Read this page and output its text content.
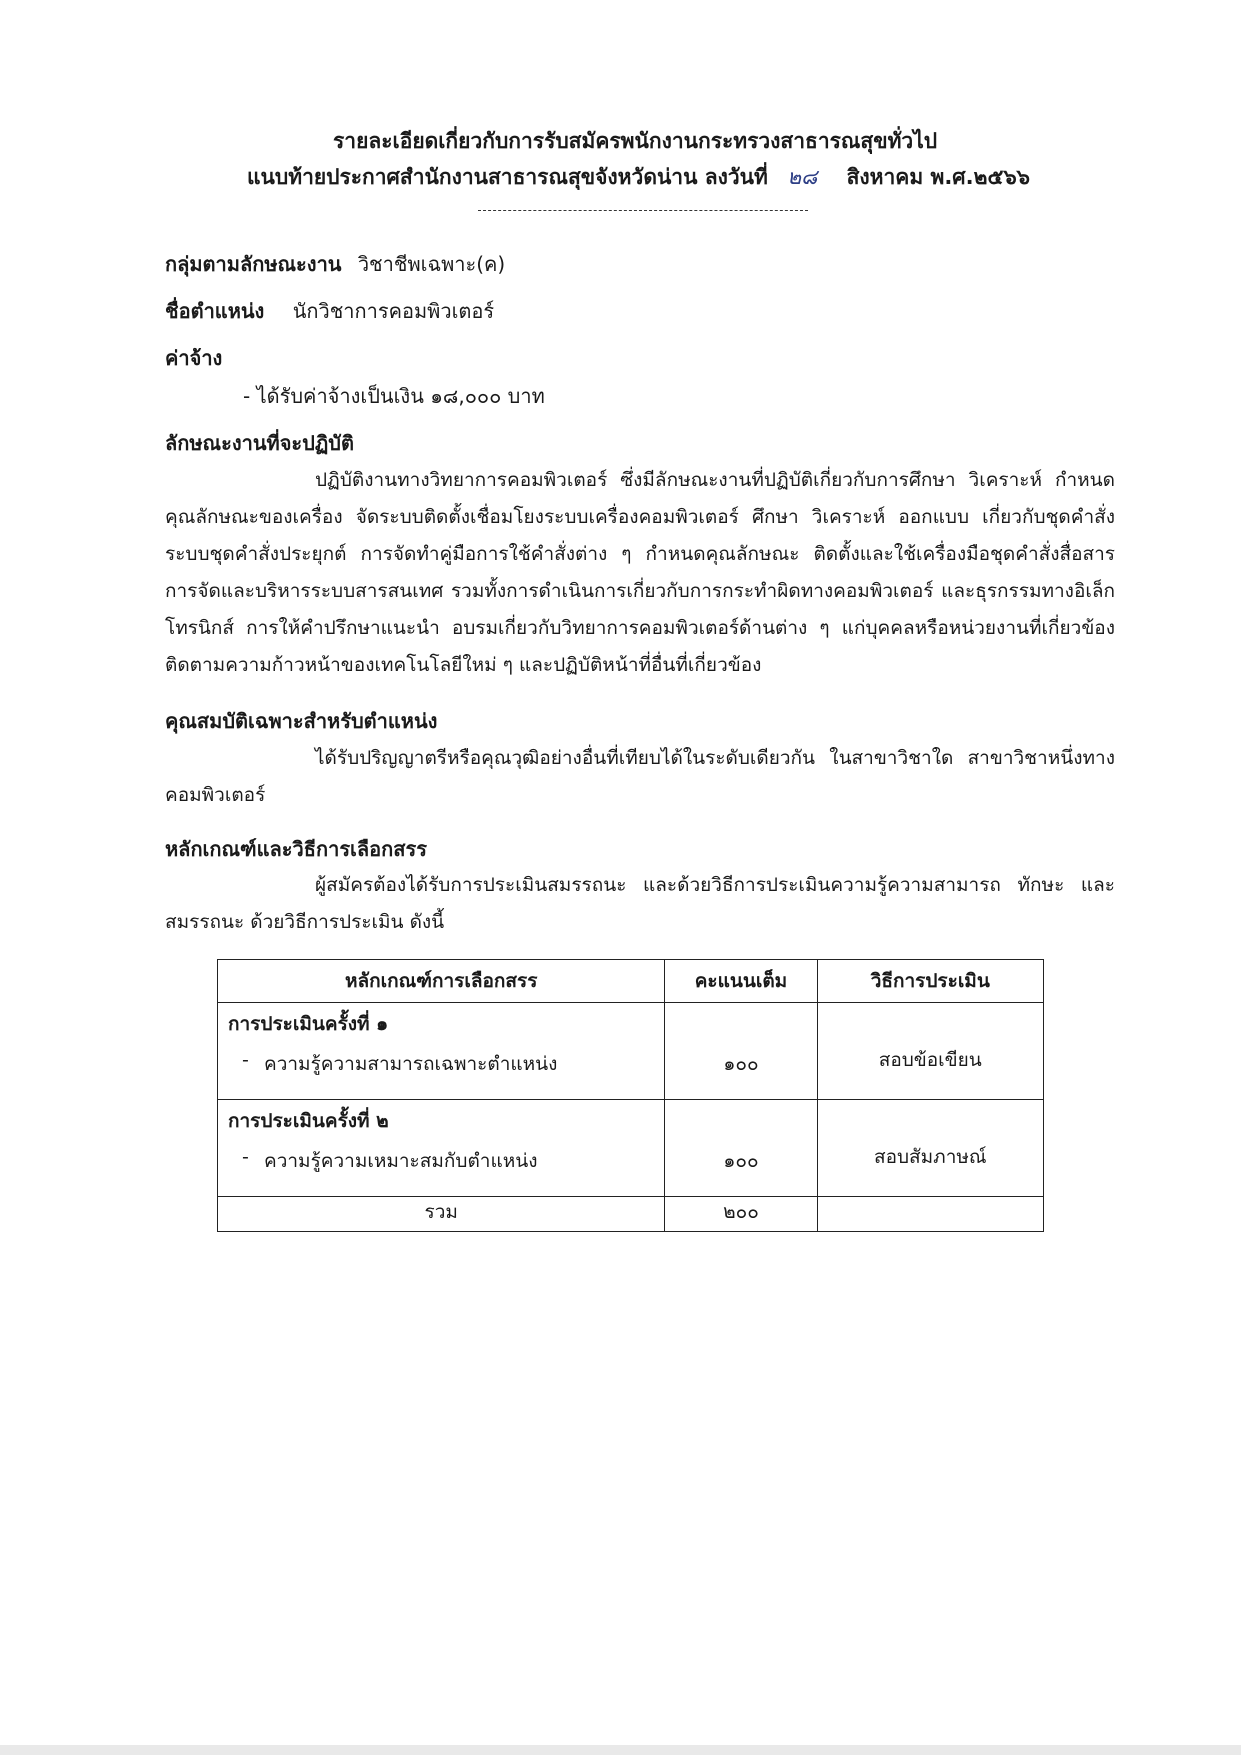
รายละเอียดเกี่ยวกับการรับสมัครพนักงานกระทรวงสาธารณสุขทั่วไป
แนบท้ายประกาศสำนักงานสาธารณสุขจังหวัดน่าน ลงวันที่ ๒๘ สิงหาคม พ.ศ.๒๕๖๖
กลุ่มตามลักษณะงาน วิชาชีพเฉพาะ(ค)
ชื่อตำแหน่ง นักวิชาการคอมพิวเตอร์
ค่าจ้าง
- ได้รับค่าจ้างเป็นเงิน ๑๘,๐๐๐ บาท
ลักษณะงานที่จะปฏิบัติ
ปฏิบัติงานทางวิทยาการคอมพิวเตอร์ ซึ่งมีลักษณะงานที่ปฏิบัติเกี่ยวกับการศึกษา วิเคราะห์ กำหนดคุณลักษณะของเครื่อง จัดระบบติดตั้งเชื่อมโยงระบบเครื่องคอมพิวเตอร์ ศึกษา วิเคราะห์ ออกแบบ เกี่ยวกับชุดคำสั่ง ระบบชุดคำสั่งประยุกต์ การจัดทำคู่มือการใช้คำสั่งต่าง ๆ กำหนดคุณลักษณะ ติดตั้งและใช้เครื่องมือชุดคำสั่งสื่อสาร การจัดและบริหารระบบสารสนเทศ รวมทั้งการดำเนินการเกี่ยวกับการกระทำผิดทางคอมพิวเตอร์ และธุรกรรมทางอิเล็กโทรนิกส์ การให้คำปรึกษาแนะนำ อบรมเกี่ยวกับวิทยาการคอมพิวเตอร์ด้านต่าง ๆ แก่บุคคลหรือหน่วยงานที่เกี่ยวข้อง ติดตามความก้าวหน้าของเทคโนโลยีใหม่ ๆ และปฏิบัติหน้าที่อื่นที่เกี่ยวข้อง
คุณสมบัติเฉพาะสำหรับตำแหน่ง
ได้รับปริญญาตรีหรือคุณวุฒิอย่างอื่นที่เทียบได้ในระดับเดียวกัน ในสาขาวิชาใด สาขาวิชาหนึ่งทางคอมพิวเตอร์
หลักเกณฑ์และวิธีการเลือกสรร
ผู้สมัครต้องได้รับการประเมินสมรรถนะ และด้วยวิธีการประเมินความรู้ความสามารถ ทักษะ และสมรรถนะ ด้วยวิธีการประเมิน ดังนี้
หลักเกณฑ์การเลือกสรร	คะแนนเต็ม	วิธีการประเมิน

การประเมินครั้งที่ ๑
- ความรู้ความสามารถเฉพาะตำแหน่ง	๑๐๐	สอบข้อเขียน

การประเมินครั้งที่ ๒
- ความรู้ความเหมาะสมกับตำแหน่ง	๑๐๐	สอบสัมภาษณ์

รวม	๒๐๐	
